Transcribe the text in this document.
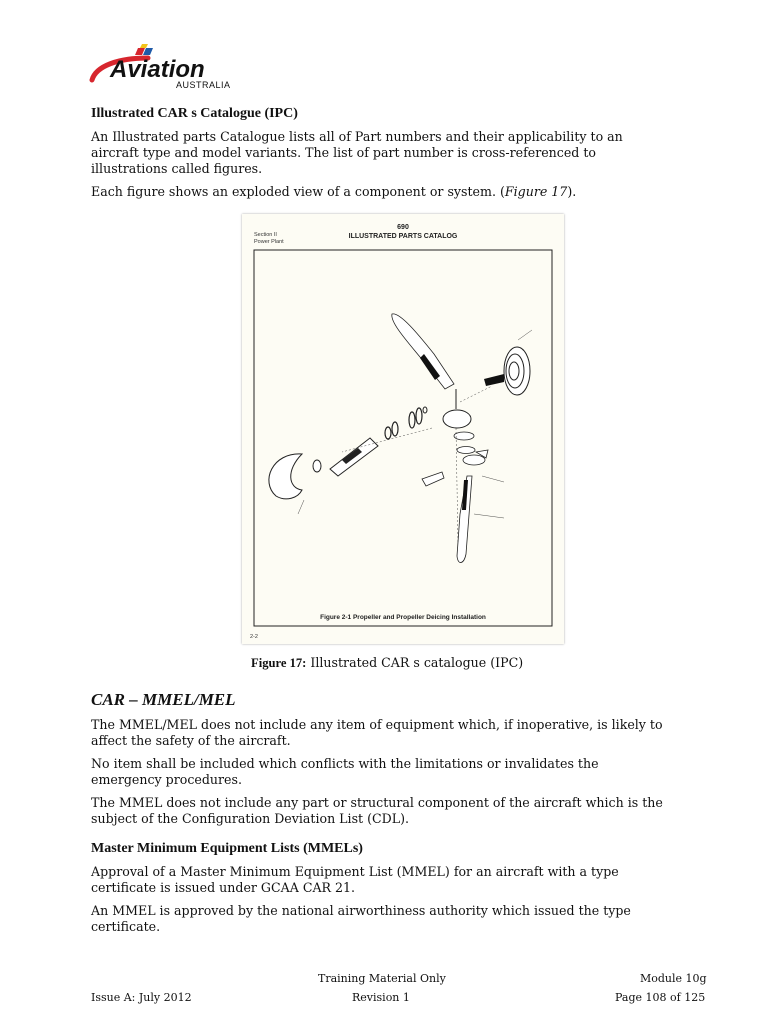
Aviation
AUSTRALIA
Illustrated CAR s Catalogue (IPC)

An Illustrated parts Catalogue lists all of Part numbers and their applicability to an
aircraft type and model variants. The list of part number is cross-referenced to
illustrations called figures.

Each figure shows an exploded view of a component or system. (Figure 17).

690
ILLUSTRATED PARTS CATALOG
Section II
Power Plant
Figure 2-1 Propeller and Propeller Deicing Installation
2-2

Figure 17: Illustrated CAR s catalogue (IPC)

CAR – MMEL/MEL

The MMEL/MEL does not include any item of equipment which, if inoperative, is likely to
affect the safety of the aircraft.

No item shall be included which conflicts with the limitations or invalidates the
emergency procedures.

The MMEL does not include any part or structural component of the aircraft which is the
subject of the Configuration Deviation List (CDL).

Master Minimum Equipment Lists (MMELs)

Approval of a Master Minimum Equipment List (MMEL) for an aircraft with a type
certificate is issued under GCAA CAR 21.

An MMEL is approved by the national airworthiness authority which issued the type
certificate.

Training Material Only	Module 10g
Issue A: July 2012	Revision 1	Page 108 of 125
